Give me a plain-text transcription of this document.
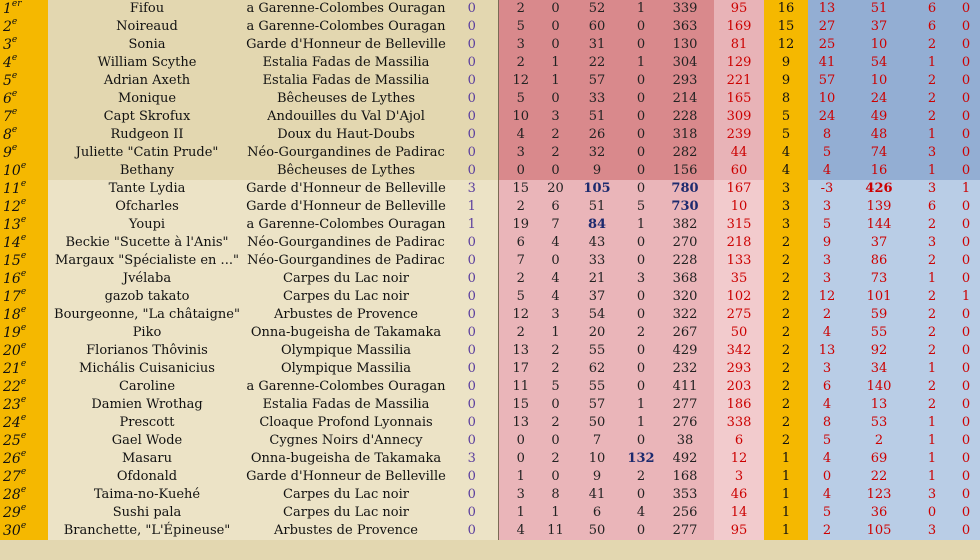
1er	Fifou	a Garenne-Colombes Ouragan	0	2	0	52	1	339	95	16	13	51	6	0
2e	Noireaud	a Garenne-Colombes Ouragan	0	5	0	60	0	363	169	15	27	37	6	0
3e	Sonia	Garde d'Honneur de Belleville	0	3	0	31	0	130	81	12	25	10	2	0
4e	William Scythe	Estalia Fadas de Massilia	0	2	1	22	1	304	129	9	41	54	1	0
5e	Adrian Axeth	Estalia Fadas de Massilia	0	12	1	57	0	293	221	9	57	10	2	0
6e	Monique	Bêcheuses de Lythes	0	5	0	33	0	214	165	8	10	24	2	0
7e	Capt Skrofux	Andouilles du Val D'Ajol	0	10	3	51	0	228	309	5	24	49	2	0
8e	Rudgeon II	Doux du Haut-Doubs	0	4	2	26	0	318	239	5	8	48	1	0
9e	Juliette "Catin Prude"	Néo-Gourgandines de Padirac	0	3	2	32	0	282	44	4	5	74	3	0
10e	Bethany	Bêcheuses de Lythes	0	0	0	9	0	156	60	4	4	16	1	0
11e	Tante Lydia	Garde d'Honneur de Belleville	3	15	20	105	0	780	167	3	-3	426	3	1
12e	Ofcharles	Garde d'Honneur de Belleville	1	2	6	51	5	730	10	3	3	139	6	0
13e	Youpi	a Garenne-Colombes Ouragan	1	19	7	84	1	382	315	3	5	144	2	0
14e	Beckie "Sucette à l'Anis"	Néo-Gourgandines de Padirac	0	6	4	43	0	270	218	2	9	37	3	0
15e	Margaux "Spécialiste en ..."	Néo-Gourgandines de Padirac	0	7	0	33	0	228	133	2	3	86	2	0
16e	Jvélaba	Carpes du Lac noir	0	2	4	21	3	368	35	2	3	73	1	0
17e	gazob takato	Carpes du Lac noir	0	5	4	37	0	320	102	2	12	101	2	1
18e	Bourgeonne, "La châtaigne"	Arbustes de Provence	0	12	3	54	0	322	275	2	2	59	2	0
19e	Piko	Onna-bugeisha de Takamaka	0	2	1	20	2	267	50	2	4	55	2	0
20e	Florianos Thôvinis	Olympique Massilia	0	13	2	55	0	429	342	2	13	92	2	0
21e	Michális Cuisanicius	Olympique Massilia	0	17	2	62	0	232	293	2	3	34	1	0
22e	Caroline	a Garenne-Colombes Ouragan	0	11	5	55	0	411	203	2	6	140	2	0
23e	Damien Wrothag	Estalia Fadas de Massilia	0	15	0	57	1	277	186	2	4	13	2	0
24e	Prescott	Cloaque Profond Lyonnais	0	13	2	50	1	276	338	2	8	53	1	0
25e	Gael Wode	Cygnes Noirs d'Annecy	0	0	0	7	0	38	6	2	5	2	1	0
26e	Masaru	Onna-bugeisha de Takamaka	3	0	2	10	132	492	12	1	4	69	1	0
27e	Ofdonald	Garde d'Honneur de Belleville	0	1	0	9	2	168	3	1	0	22	1	0
28e	Taima-no-Kuehé	Carpes du Lac noir	0	3	8	41	0	353	46	1	4	123	3	0
29e	Sushi pala	Carpes du Lac noir	0	1	1	6	4	256	14	1	5	36	0	0
30e	Branchette, "L'Épineuse"	Arbustes de Provence	0	4	11	50	0	277	95	1	2	105	3	0
